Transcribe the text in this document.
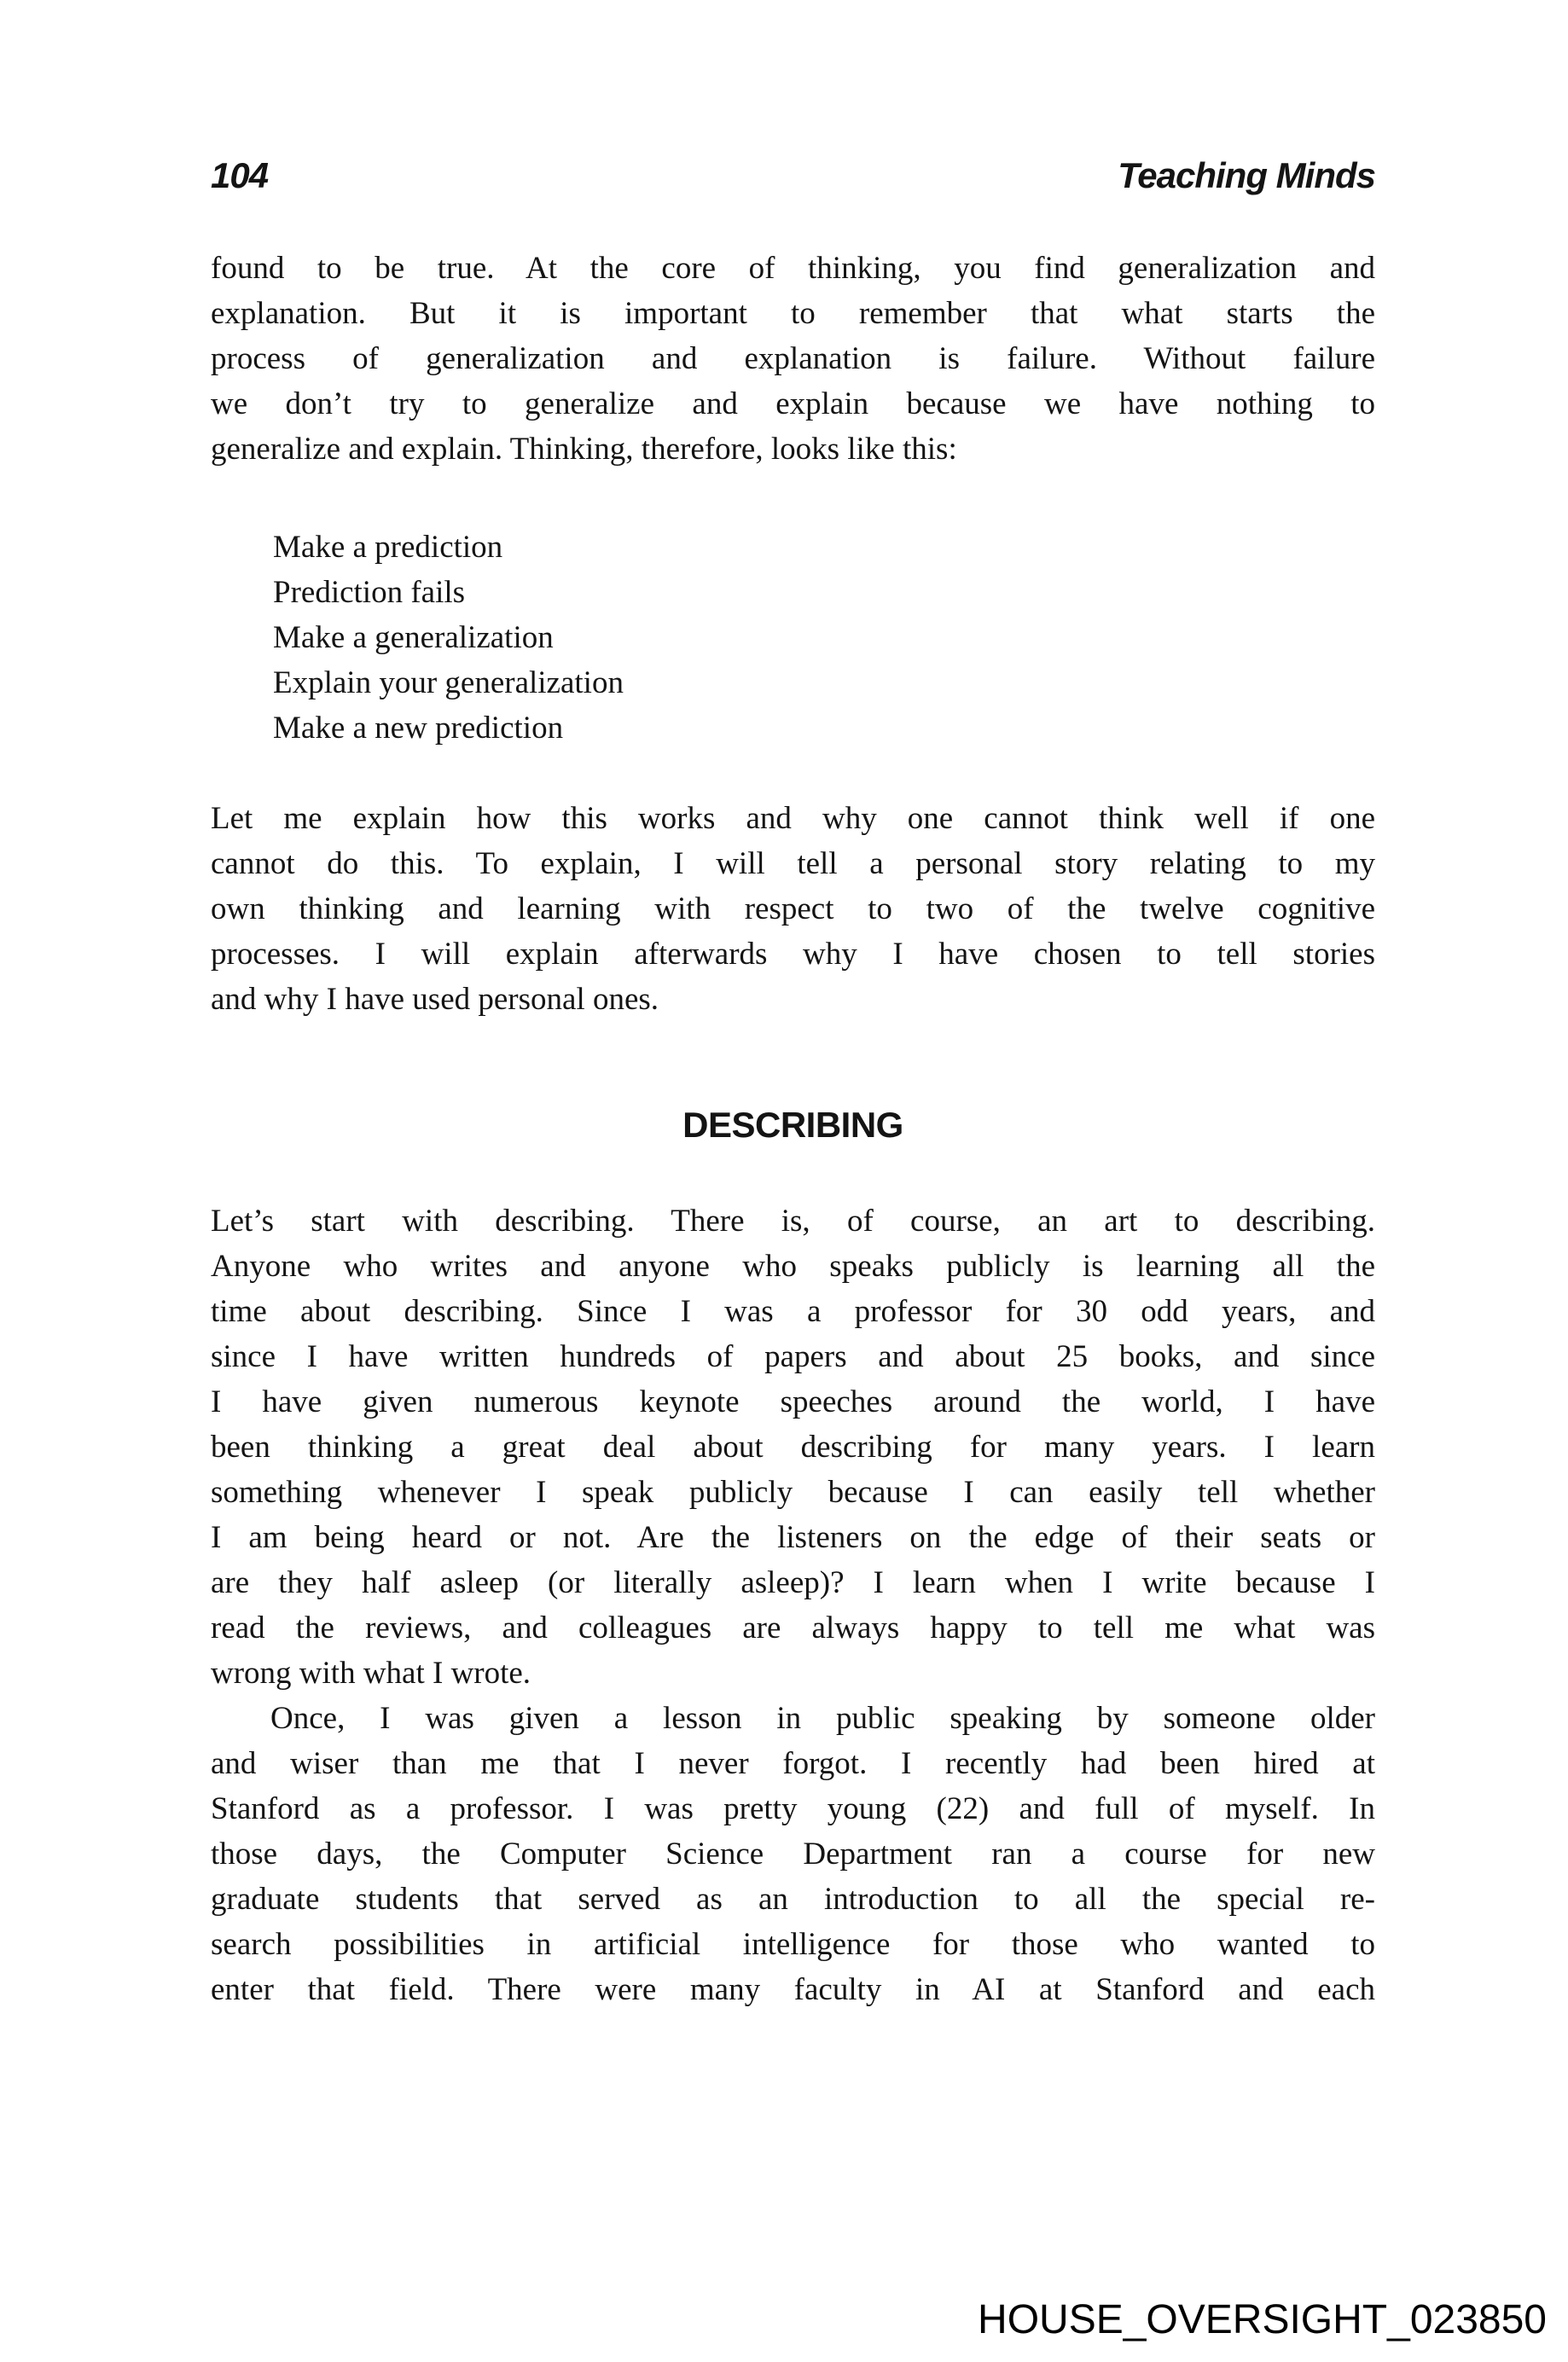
104	Teaching Minds
found to be true. At the core of thinking, you find generalization and
explanation. But it is important to remember that what starts the
process of generalization and explanation is failure. Without failure
we don’t try to generalize and explain because we have nothing to
generalize and explain. Thinking, therefore, looks like this:
Make a prediction
Prediction fails
Make a generalization
Explain your generalization
Make a new prediction
Let me explain how this works and why one cannot think well if one
cannot do this. To explain, I will tell a personal story relating to my
own thinking and learning with respect to two of the twelve cognitive
processes. I will explain afterwards why I have chosen to tell stories
and why I have used personal ones.
DESCRIBING
Let’s start with describing. There is, of course, an art to describing.
Anyone who writes and anyone who speaks publicly is learning all the
time about describing. Since I was a professor for 30 odd years, and
since I have written hundreds of papers and about 25 books, and since
I have given numerous keynote speeches around the world, I have
been thinking a great deal about describing for many years. I learn
something whenever I speak publicly because I can easily tell whether
I am being heard or not. Are the listeners on the edge of their seats or
are they half asleep (or literally asleep)? I learn when I write because I
read the reviews, and colleagues are always happy to tell me what was
wrong with what I wrote.
Once, I was given a lesson in public speaking by someone older
and wiser than me that I never forgot. I recently had been hired at
Stanford as a professor. I was pretty young (22) and full of myself. In
those days, the Computer Science Department ran a course for new
graduate students that served as an introduction to all the special re-
search possibilities in artificial intelligence for those who wanted to
enter that field. There were many faculty in AI at Stanford and each
HOUSE_OVERSIGHT_023850
